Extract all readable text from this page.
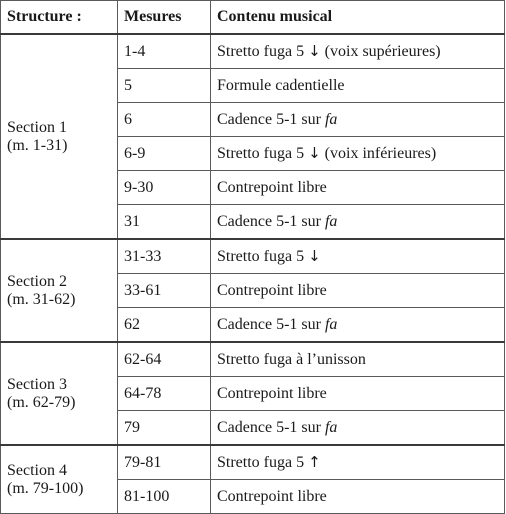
Structure :	Mesures	Contenu musical

Section 1
(m. 1-31)	1-4	Stretto fuga 5 ↓ (voix supérieures)
	5	Formule cadentielle
	6	Cadence 5-1 sur fa
	6-9	Stretto fuga 5 ↓ (voix inférieures)
	9-30	Contrepoint libre
	31	Cadence 5-1 sur fa

Section 2
(m. 31-62)	31-33	Stretto fuga 5 ↓
	33-61	Contrepoint libre
	62	Cadence 5-1 sur fa

Section 3
(m. 62-79)	62-64	Stretto fuga à l’unisson
	64-78	Contrepoint libre
	79	Cadence 5-1 sur fa

Section 4
(m. 79-100)	79-81	Stretto fuga 5 ↑
	81-100	Contrepoint libre
